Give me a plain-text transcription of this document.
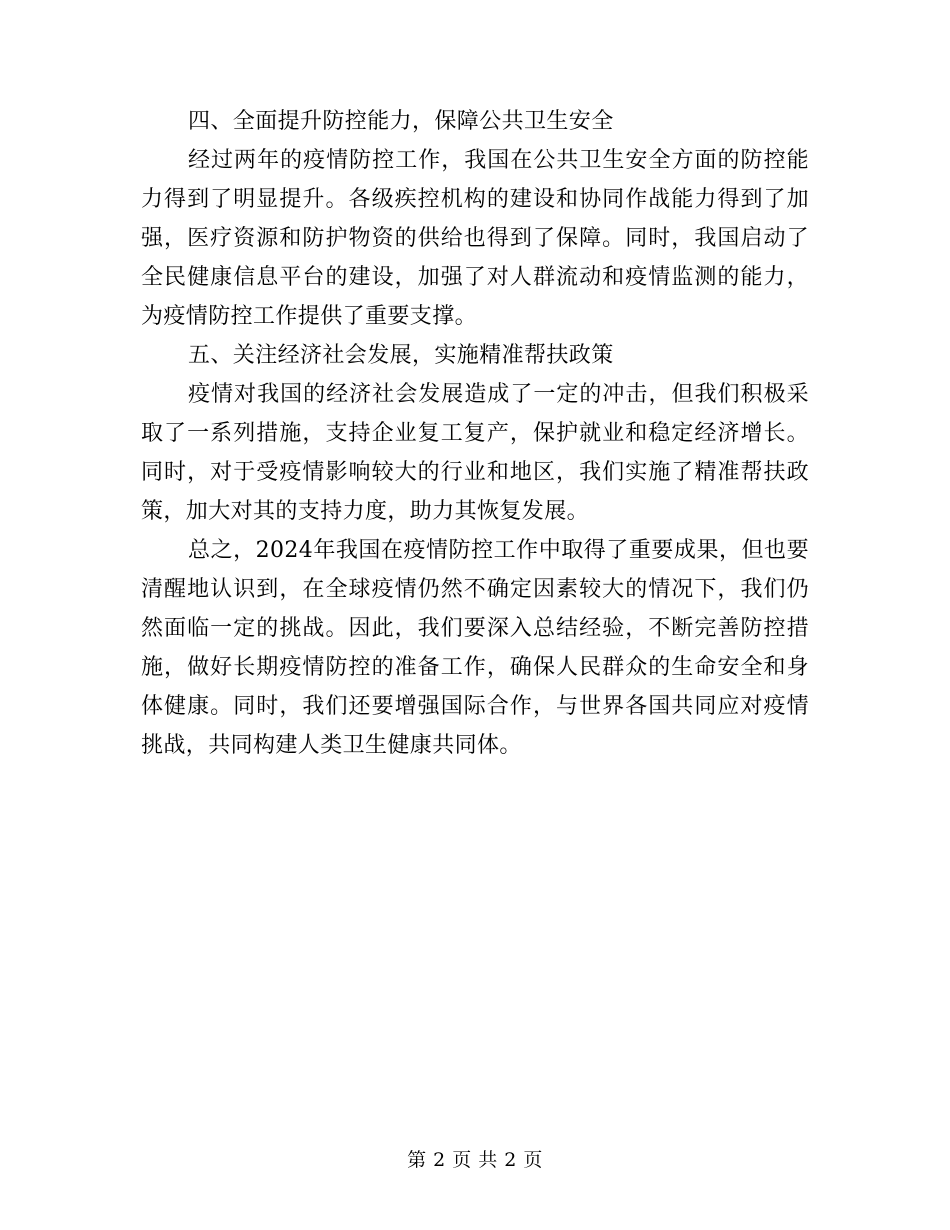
四、全面提升防控能力，保障公共卫生安全

经过两年的疫情防控工作，我国在公共卫生安全方面的防控能力得到了明显提升。各级疾控机构的建设和协同作战能力得到了加强，医疗资源和防护物资的供给也得到了保障。同时，我国启动了全民健康信息平台的建设，加强了对人群流动和疫情监测的能力，为疫情防控工作提供了重要支撑。

五、关注经济社会发展，实施精准帮扶政策

疫情对我国的经济社会发展造成了一定的冲击，但我们积极采取了一系列措施，支持企业复工复产，保护就业和稳定经济增长。同时，对于受疫情影响较大的行业和地区，我们实施了精准帮扶政策，加大对其的支持力度，助力其恢复发展。

总之，2024年我国在疫情防控工作中取得了重要成果，但也要清醒地认识到，在全球疫情仍然不确定因素较大的情况下，我们仍然面临一定的挑战。因此，我们要深入总结经验，不断完善防控措施，做好长期疫情防控的准备工作，确保人民群众的生命安全和身体健康。同时，我们还要增强国际合作，与世界各国共同应对疫情挑战，共同构建人类卫生健康共同体。

第 2 页 共 2 页
